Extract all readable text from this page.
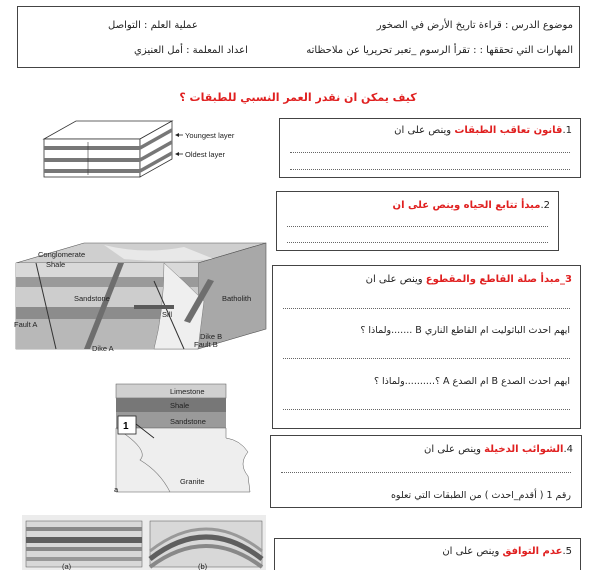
موضوع الدرس : قراءة تاريخ الأرض في الصخور
عملية العلم : التواصل
المهارات التي تحققها : : تقرأ الرسوم _تعبر تحريريا عن ملاحظاته
اعداد المعلمة : أمل العنيزي
كيف يمكن ان نقدر العمر النسبي للطبقات ؟
Youngest layer
Oldest layer
1.قانون تعاقب الطبقات وينص على ان
2.مبدأ تتابع الحياه وينص على ان
Conglomerate
Shale
Sandstone	Batholith
Sill
Fault A
Fault B
Dike A
Dike B
3_مبدأ صلة القاطع والمقطوع وينص على ان
ايهم احدث الباثوليت ام القاطع الناري B .......ولماذا ؟
ايهم احدث الصدع B ام الصدع A ؟..........ولماذا ؟
Limestone
Shale
Sandstone
Granite
1
a
4.الشوائب الدخيلة وينص على ان
رقم 1 ( أقدم_احدث ) من الطبقات التي تعلوه
(a)	(b)
5.عدم التوافق وينص على ان
